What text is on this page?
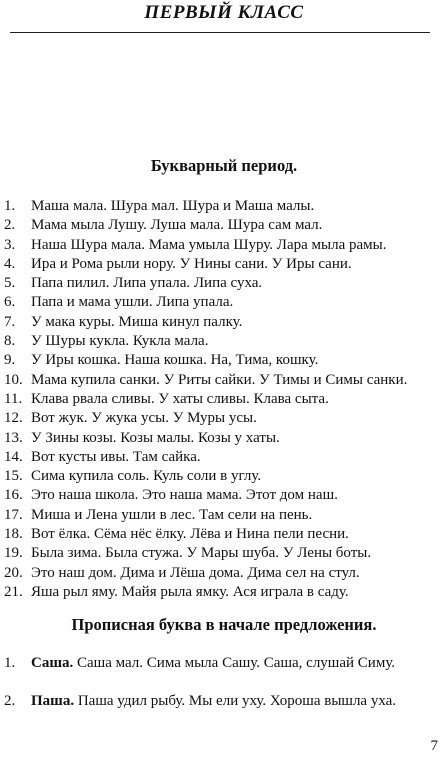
ПЕРВЫЙ КЛАСС
Букварный период.
1.	Маша мала. Шура мал. Шура и Маша малы.
2.	Мама мыла Лушу. Луша мала. Шура сам мал.
3.	Наша Шура мала. Мама умыла Шуру. Лара мыла рамы.
4.	Ира и Рома рыли нору. У Нины сани. У Иры сани.
5.	Папа пилил. Липа упала. Липа суха.
6.	Папа и мама ушли. Липа упала.
7.	У мака куры. Миша кинул палку.
8.	У Шуры кукла. Кукла мала.
9.	У Иры кошка. Наша кошка. На, Тима, кошку.
10. Мама купила санки. У Риты сайки. У Тимы и Симы санки.
11. Клава рвала сливы. У хаты сливы. Клава сыта.
12. Вот жук. У жука усы. У Муры усы.
13. У Зины козы. Козы малы. Козы у хаты.
14. Вот кусты ивы. Там сайка.
15. Сима купила соль. Куль соли в углу.
16. Это наша школа. Это наша мама. Этот дом наш.
17. Миша и Лена ушли в лес. Там сели на пень.
18. Вот ёлка. Сёма нёс ёлку. Лёва и Нина пели песни.
19. Была зима. Была стужа. У Мары шуба. У Лены боты.
20. Это наш дом. Дима и Лёша дома. Дима сел на стул.
21. Яша рыл яму. Майя рыла ямку. Ася играла в саду.
Прописная буква в начале предложения.
1.	Саша. Саша мал. Сима мыла Сашу. Саша, слушай Симу.
2.	Паша. Паша удил рыбу. Мы ели уху. Хороша вышла уха.
7
